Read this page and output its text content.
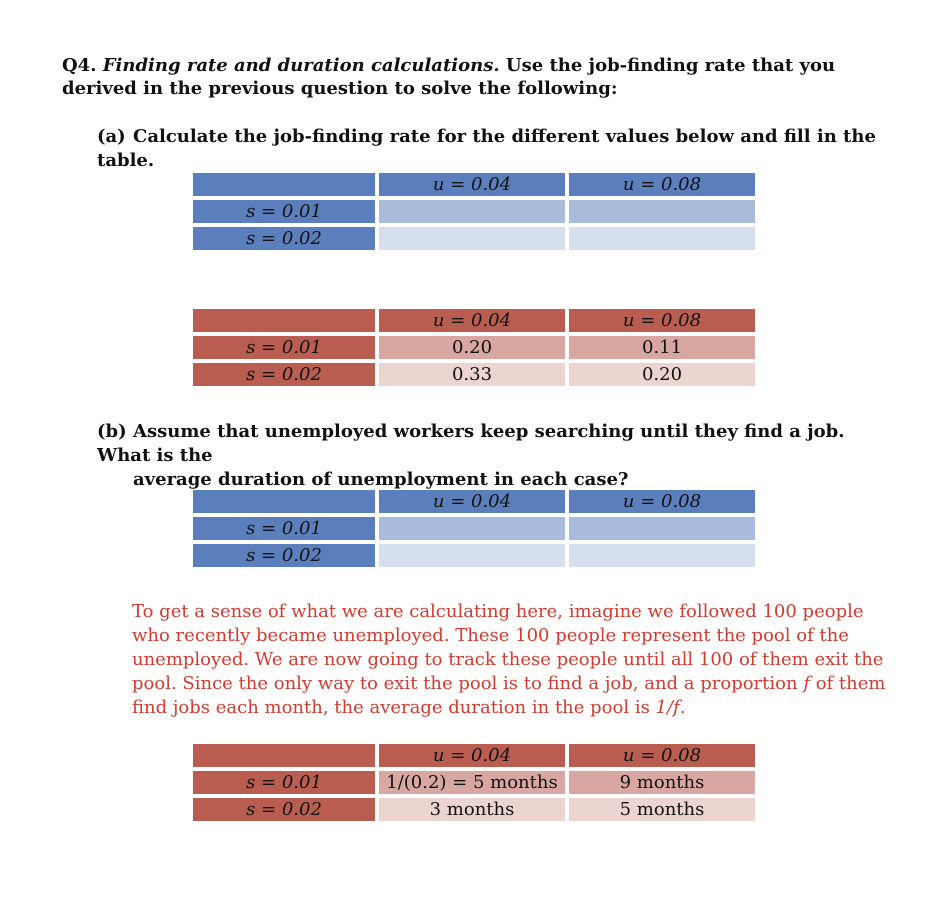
Q4. Finding rate and duration calculations. Use the job-finding rate that you derived in the previous question to solve the following:
(a) Calculate the job-finding rate for the different values below and fill in the table.
	u = 0.04	u = 0.08
s = 0.01		
s = 0.02		
	u = 0.04	u = 0.08
s = 0.01	0.20	0.11
s = 0.02	0.33	0.20
(b) Assume that unemployed workers keep searching until they find a job. What is the
average duration of unemployment in each case?
	u = 0.04	u = 0.08
s = 0.01		
s = 0.02		
To get a sense of what we are calculating here, imagine we followed 100 people who recently became unemployed. These 100 people represent the pool of the unemployed. We are now going to track these people until all 100 of them exit the pool. Since the only way to exit the pool is to find a job, and a proportion f of them find jobs each month, the average duration in the pool is 1/f.
	u = 0.04	u = 0.08
s = 0.01	1/(0.2) = 5 months	9 months
s = 0.02	3 months	5 months
